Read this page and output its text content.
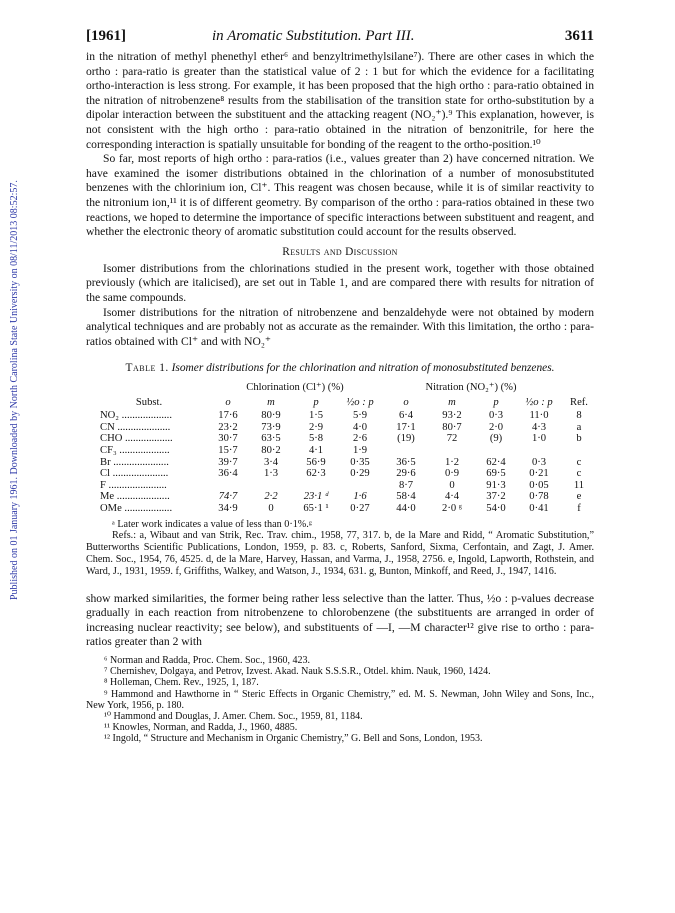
Published on 01 January 1961. Downloaded by North Carolina State University on 08/11/2013 08:52:57.
[1961]	in Aromatic Substitution. Part III.	3611

in the nitration of methyl phenethyl ether⁶ and benzyltrimethylsilane⁷). There are other cases in which the ortho : para-ratio is greater than the statistical value of 2 : 1 but for which the evidence for a facilitating ortho-interaction is less strong. For example, it has been proposed that the high ortho : para-ratio obtained in the nitration of nitrobenzene⁸ results from the stabilisation of the transition state for ortho-substitution by a dipolar interaction between the substituent and the attacking reagent (NO₂⁺).⁹ This explanation, however, is not consistent with the high ortho : para-ratio obtained in the nitration of benzonitrile, for here the corresponding interaction is spatially unsuitable for bonding of the reagent to the ortho-position.¹⁰

So far, most reports of high ortho : para-ratios (i.e., values greater than 2) have concerned nitration. We have examined the isomer distributions obtained in the chlorination of a number of monosubstituted benzenes with the chlorinium ion, Cl⁺. This reagent was chosen because, while it is of similar reactivity to the nitronium ion,¹¹ it is of different geometry. By comparison of the ortho : para-ratios obtained in these two reactions, we hoped to determine the importance of specific interactions between substituent and reagent, and whether the electronic theory of aromatic substitution could account for the results observed.

Results and Discussion

Isomer distributions from the chlorinations studied in the present work, together with those obtained previously (which are italicised), are set out in Table 1, and are compared there with results for nitration of the same compounds.

Isomer distributions for the nitration of nitrobenzene and benzaldehyde were not obtained by modern analytical techniques and are probably not as accurate as the remainder. With this limitation, the ortho : para-ratios obtained with Cl⁺ and with NO₂⁺

Table 1. Isomer distributions for the chlorination and nitration of monosubstituted benzenes.
	Chlorination (Cl⁺) (%)				Nitration (NO₂⁺) (%)				
Subst.	o	m	p	½o : p	o	m	p	½o : p	Ref.
NO₂ ...................	17·6	80·9	1·5	5·9	6·4	93·2	0·3	11·0	8
CN ....................	23·2	73·9	2·9	4·0	17·1	80·7	2·0	4·3	a
CHO ..................	30·7	63·5	5·8	2·6	(19)	72	(9)	1·0	b
CF₃ ...................	15·7	80·2	4·1	1·9					
Br .....................	39·7	3·4	56·9	0·35	36·5	1·2	62·4	0·3	c
Cl .....................	36·4	1·3	62·3	0·29	29·6	0·9	69·5	0·21	c
F ......................					8·7	0	91·3	0·05	11
Me ....................	74·7	2·2	23·1 ᵈ	1·6	58·4	4·4	37·2	0·78	e
OMe ..................	34·9	0	65·1 ¹	0·27	44·0	2·0 ᵍ	54·0	0·41	f
ᵃ Later work indicates a value of less than 0·1%.ᵍ
Refs.: a, Wibaut and van Strik, Rec. Trav. chim., 1958, 77, 317. b, de la Mare and Ridd, “ Aromatic Substitution,” Butterworths Scientific Publications, London, 1959, p. 83. c, Roberts, Sanford, Sixma, Cerfontain, and Zagt, J. Amer. Chem. Soc., 1954, 76, 4525. d, de la Mare, Harvey, Hassan, and Varma, J., 1958, 2756. e, Ingold, Lapworth, Rothstein, and Ward, J., 1931, 1959. f, Griffiths, Walkey, and Watson, J., 1934, 631. g, Bunton, Minkoff, and Reed, J., 1947, 1416.

show marked similarities, the former being rather less selective than the latter. Thus, ½o : p-values decrease gradually in each reaction from nitrobenzene to chlorobenzene (the substituents are arranged in order of increasing nuclear reactivity; see below), and substituents of —I, —M character¹² give rise to ortho : para-ratios greater than 2 with

⁶ Norman and Radda, Proc. Chem. Soc., 1960, 423.
⁷ Chernishev, Dolgaya, and Petrov, Izvest. Akad. Nauk S.S.S.R., Otdel. khim. Nauk, 1960, 1424.
⁸ Holleman, Chem. Rev., 1925, 1, 187.
⁹ Hammond and Hawthorne in “ Steric Effects in Organic Chemistry,” ed. M. S. Newman, John Wiley and Sons, Inc., New York, 1956, p. 180.
¹⁰ Hammond and Douglas, J. Amer. Chem. Soc., 1959, 81, 1184.
¹¹ Knowles, Norman, and Radda, J., 1960, 4885.
¹² Ingold, “ Structure and Mechanism in Organic Chemistry,” G. Bell and Sons, London, 1953.
